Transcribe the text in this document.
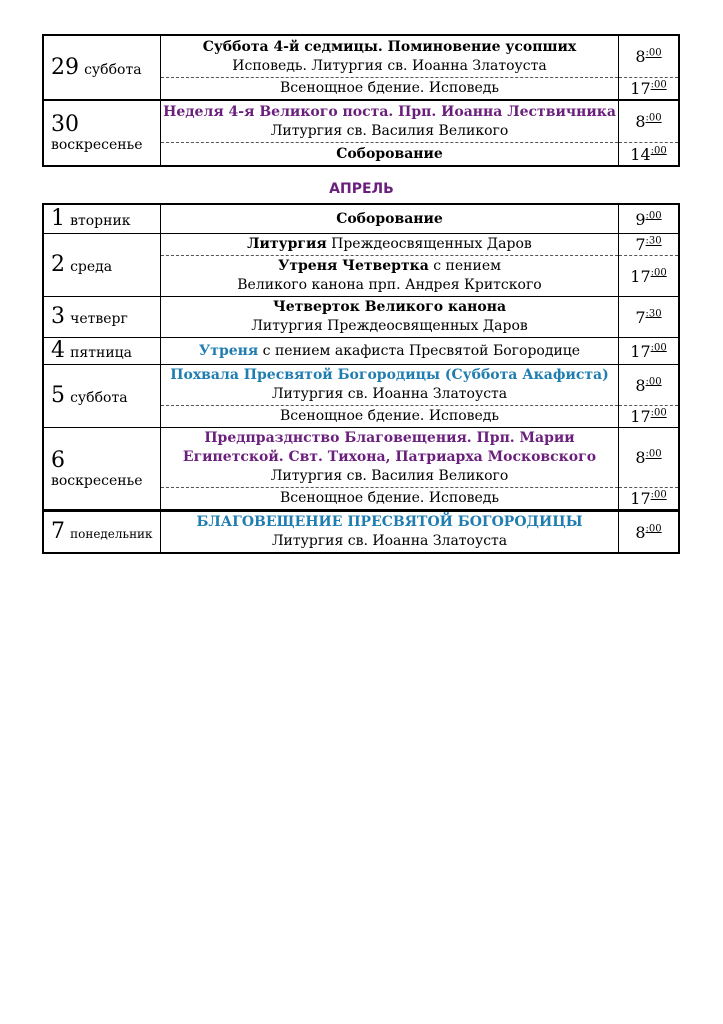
29 суббота	Суббота 4-й седмицы. Поминовение усопших
Исповедь. Литургия св. Иоанна Златоуста	$8^{:00}$
	Всенощное бдение. Исповедь	$17^{:00}$

30
воскресенье	Неделя 4-я Великого поста. Прп. Иоанна Лествичника
Литургия св. Василия Великого	$8^{:00}$
	Соборование	$14^{:00}$
АПРЕЛЬ
1 вторник	Соборование	$9^{:00}$
2 среда	Литургия Преждеосвященных Даров	$7^{:30}$

	Утреня Четвертка с пением
Великого канона прп. Андрея Критского	$17^{:00}$
3 четверг	Четверток Великого канона
Литургия Преждеосвященных Даров	$7^{:30}$
4 пятница	Утреня с пением акафиста Пресвятой Богородице	$17^{:00}$
5 суббота	Похвала Пресвятой Богородицы (Суббота Акафиста)
Литургия св. Иоанна Златоуста	$8^{:00}$
	Всенощное бдение. Исповедь	$17^{:00}$

6
воскресенье	Предпразднство Благовещения. Прп. Марии
Египетской. Свт. Тихона, Патриарха Московского
Литургия св. Василия Великого	$8^{:00}$
	Всенощное бдение. Исповедь	$17^{:00}$
7 понедельник	БЛАГОВЕЩЕНИЕ ПРЕСВЯТОЙ БОГОРОДИЦЫ
Литургия св. Иоанна Златоуста	$8^{:00}$
